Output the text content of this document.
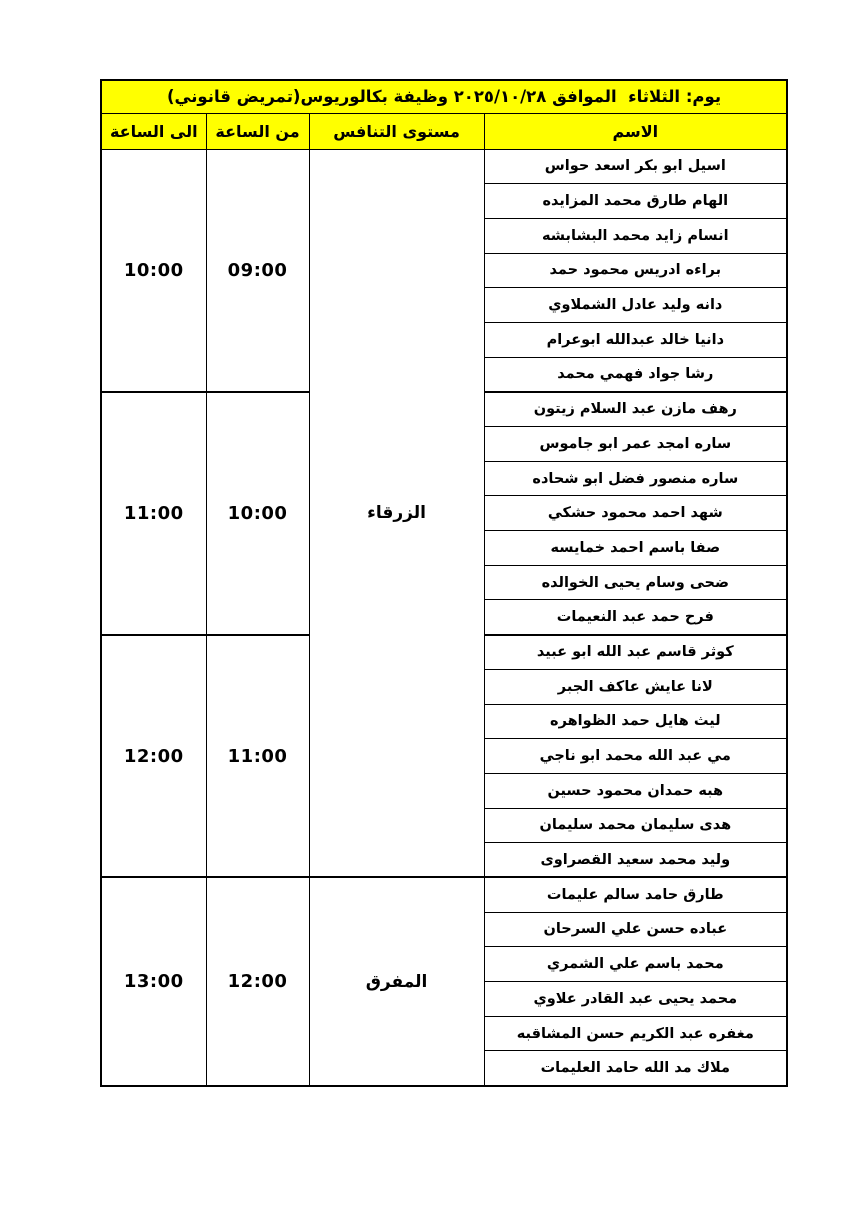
يوم: الثلاثاء  الموافق ٢٠٢٥/١٠/٢٨ وظيفة بكالوريوس(تمريض قانوني)			
الاسم	مستوى التنافس	من الساعة	الى الساعة
اسيل ابو بكر اسعد حواس	الزرقاء	09:00	10:00
الهام طارق محمد المزايده			
انسام زايد محمد البشابشه			
براءه ادريس محمود حمد			
دانه وليد عادل الشملاوي			
دانيا خالد عبدالله ابوعرام			
رشا جواد فهمي محمد			
رهف مازن عبد السلام زيتون		10:00	11:00
ساره امجد عمر ابو جاموس			
ساره منصور فضل ابو شحاده			
شهد احمد محمود حشكي			
صفا باسم احمد خمايسه			
ضحى وسام يحيى الخوالده			
فرح حمد عبد النعيمات			
كوثر قاسم عبد الله ابو عبيد		11:00	12:00
لانا عايش عاكف الجبر			
ليث هايل حمد الظواهره			
مي عبد الله محمد ابو ناجي			
هبه حمدان محمود حسين			
هدى سليمان محمد سليمان			
وليد محمد سعيد القصراوى			
طارق حامد سالم عليمات	المفرق	12:00	13:00
عباده حسن علي السرحان			
محمد باسم علي الشمري			
محمد يحيى عبد القادر علاوي			
مغفره عبد الكريم حسن المشاقبه			
ملاك مد الله حامد العليمات			
